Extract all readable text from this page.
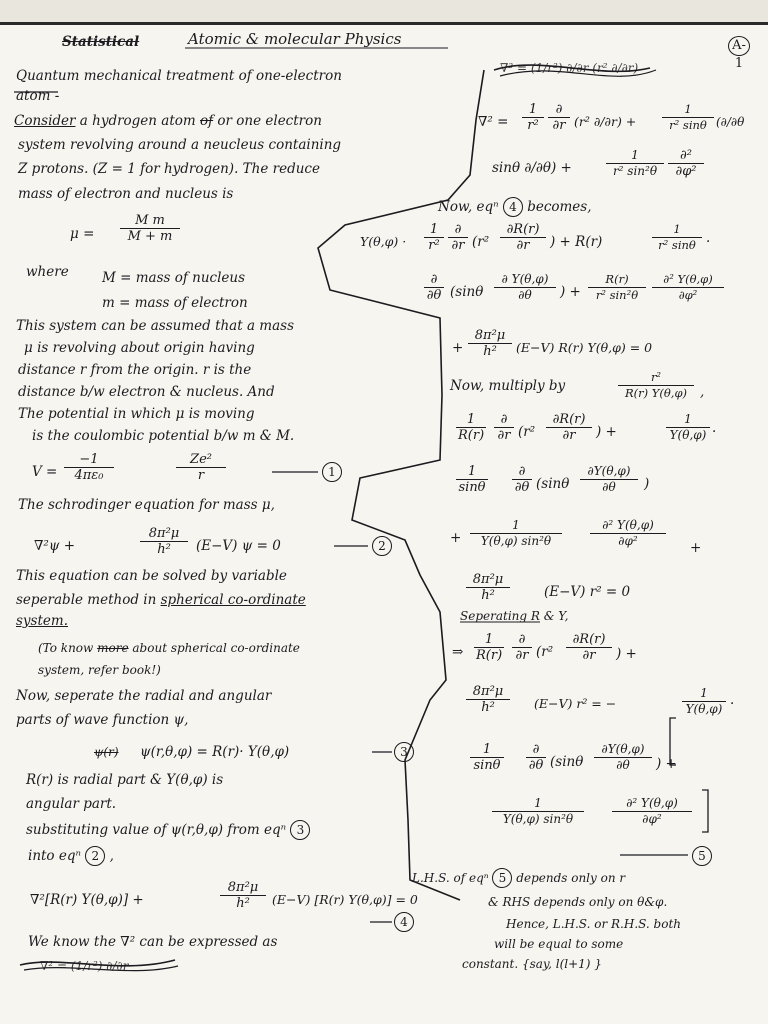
Statistical	Atomic & molecular Physics	A-1
Quantum mechanical treatment of one-electron
atom -
Consider a hydrogen atom of or one electron
system revolving around a neucleus containing
Z protons. (Z = 1 for hydrogen). The reduce
mass of electron and nucleus is
$\mu = \frac{\text{M m}}{M + m}$
where M = mass of nucleus
m = mass of electron
This system can be assumed that a mass
μ is revolving about origin having
distance r from the origin. r is the
distance b/w electron & nucleus. And
The potential in which μ is moving
is the coulombic potential b/w m & M.
$V = \frac{-1}{\text{4πε₀}}$	$\frac{\text{Ze²}}{r}$	1
The schrodinger equation for mass μ,
∇²ψ +	$\frac{\text{8π²μ}}{\text{h²}} (E-V) \psi = 0$	2
This equation can be solved by variable
seperable method in spherical co-ordinate
system.
(To know more about spherical co-ordinate
system, refer book!)
Now, seperate the radial and angular
parts of wave function ψ,
ψ(r) ψ(r,θ,φ) = R(r)· Y(θ,φ)	3
R(r) is radial part & Y(θ,φ) is
angular part.
substituting value of ψ(r,θ,φ) from eqⁿ 3
into eqⁿ 2 ,
∇²[R(r) Y(θ,φ)] +	$\frac{\text{8π²μ}}{\text{h²}} (E-V)$ [R(r) Y(θ,φ)] = 0
4
We know the ∇² can be expressed as
∇² = (1/r²) ∂/∂r
∇² = (1/r²) ∂/∂r (r² ∂/∂r)
$\nabla^2 = \frac{1}{\text{r²}}$ ∂
∂r (r² $\partial/\partial r) + \frac{1}{\text{r² sinθ}} (\partial/\partial\theta$
sinθ ∂/∂θ) +	$\frac{1}{\text{r² sin²θ}}$	∂²
∂φ²
Now, eqⁿ 4 becomes,
$Y(\theta,\varphi) \cdot \frac{1}{\text{r²}}$ ∂
∂r ($r^2 \frac{\partial R(r)}{\partial r}$ ) + R(r)	$\frac{1}{\text{r² sinθ}}$ ·
∂
∂θ ($\sin\theta \frac{\partial Y(\theta,\varphi)}{\partial\theta}$ ) + $\frac{R(r)}{\text{r² sin²θ}} \frac{\text{∂² Y(θ,φ)}}{\text{∂φ²}}$
+ $\frac{\text{8π²μ}}{\text{h²}} (E-V)$ R(r) Y(θ,φ) = 0
Now, multiply by	$\frac{\text{r²}}{R(r) Y(\theta,\varphi)}$ ,
$\frac{1}{R(r)}$	∂
∂r ($r^2 \frac{\partial R(r)}{\partial r}$ ) +	$\frac{1}{Y(\theta,\varphi)}$ ·
$\frac{1}{\sin\theta}$	∂
∂θ ($\sin\theta \frac{\partial Y(\theta,\varphi)}{\partial\theta}$ )
+ $\frac{1}{\text{Y(θ,φ) sin²θ}} \frac{\text{∂² Y(θ,φ)}}{\text{∂φ²}}$ +
$\frac{\text{8π²μ}}{\text{h²}}$	(E−V) r² = 0
Seperating R & Y,
⇒ $\frac{1}{R(r)}$	∂
∂r ($r^2 \frac{\partial R(r)}{\partial r}$ ) +
$\frac{\text{8π²μ}}{\text{h²}} (E-V) r^2$ = −	$\frac{1}{Y(\theta,\varphi)}$ ·
$\frac{1}{\sin\theta}$	∂
∂θ ($\sin\theta \frac{\partial Y(\theta,\varphi)}{\partial\theta}$ ) +
$\frac{1}{\text{Y(θ,φ) sin²θ}} \frac{\text{∂² Y(θ,φ)}}{\text{∂φ²}}$
5
L.H.S. of eqⁿ 5 depends only on r
& RHS depends only on θ&φ.
Hence, L.H.S. or R.H.S. both
will be equal to some
constant. {say, l(l+1) }
